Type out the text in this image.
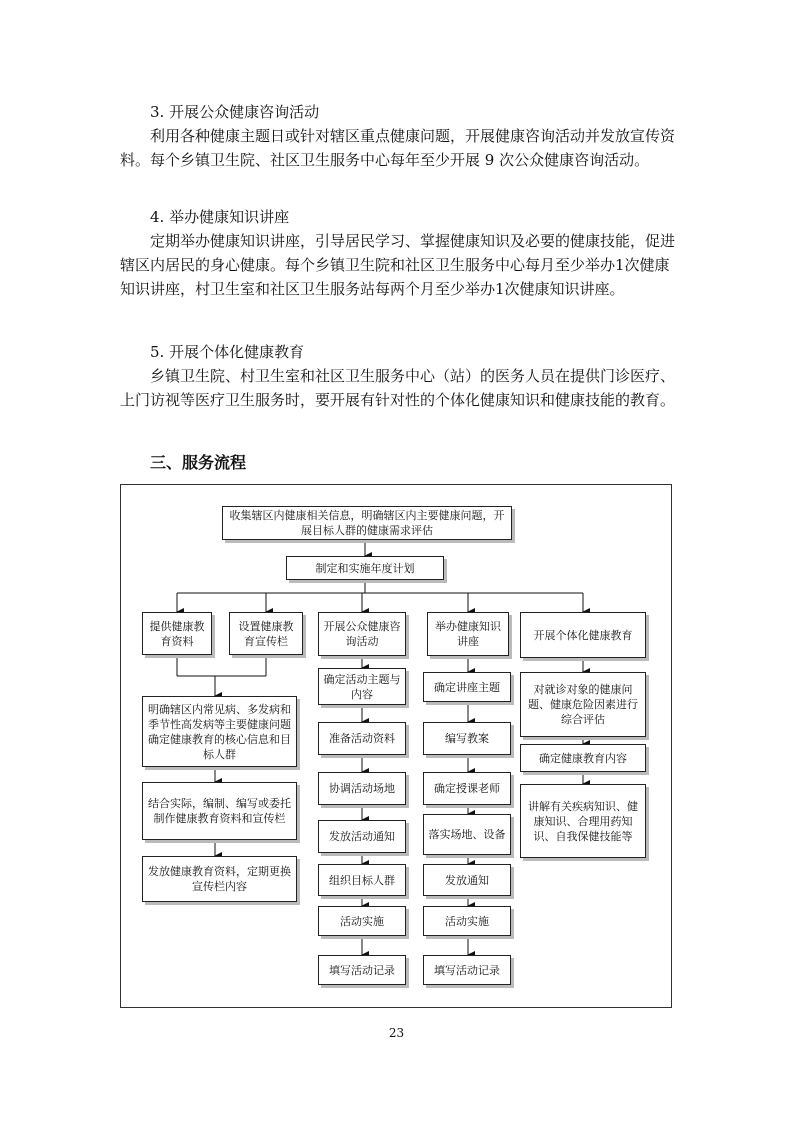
3. 开展公众健康咨询活动
利用各种健康主题日或针对辖区重点健康问题，开展健康咨询活动并发放宣传资料。每个乡镇卫生院、社区卫生服务中心每年至少开展 9 次公众健康咨询活动。
4. 举办健康知识讲座
定期举办健康知识讲座，引导居民学习、掌握健康知识及必要的健康技能，促进辖区内居民的身心健康。每个乡镇卫生院和社区卫生服务中心每月至少举办1次健康知识讲座，村卫生室和社区卫生服务站每两个月至少举办1次健康知识讲座。
5. 开展个体化健康教育
乡镇卫生院、村卫生室和社区卫生服务中心（站）的医务人员在提供门诊医疗、上门访视等医疗卫生服务时，要开展有针对性的个体化健康知识和健康技能的教育。
三、服务流程
收集辖区内健康相关信息，明确辖区内主要健康问题，开展目标人群的健康需求评估
制定和实施年度计划
提供健康教育资料
设置健康教育宣传栏
开展公众健康咨询活动
举办健康知识讲座	开展个体化健康教育
明确辖区内常见病、多发病和季节性高发病等主要健康问题确定健康教育的核心信息和目标人群
结合实际，编制、编写或委托制作健康教育资料和宣传栏
发放健康教育资料，定期更换宣传栏内容
确定活动主题与内容
准备活动资料
协调活动场地
发放活动通知
组织目标人群
活动实施
填写活动记录
确定讲座主题
编写教案
确定授课老师
落实场地、设备
发放通知
活动实施
填写活动记录
对就诊对象的健康问题、健康危险因素进行综合评估
确定健康教育内容
讲解有关疾病知识、健康知识、合理用药知识、自我保健技能等
23
